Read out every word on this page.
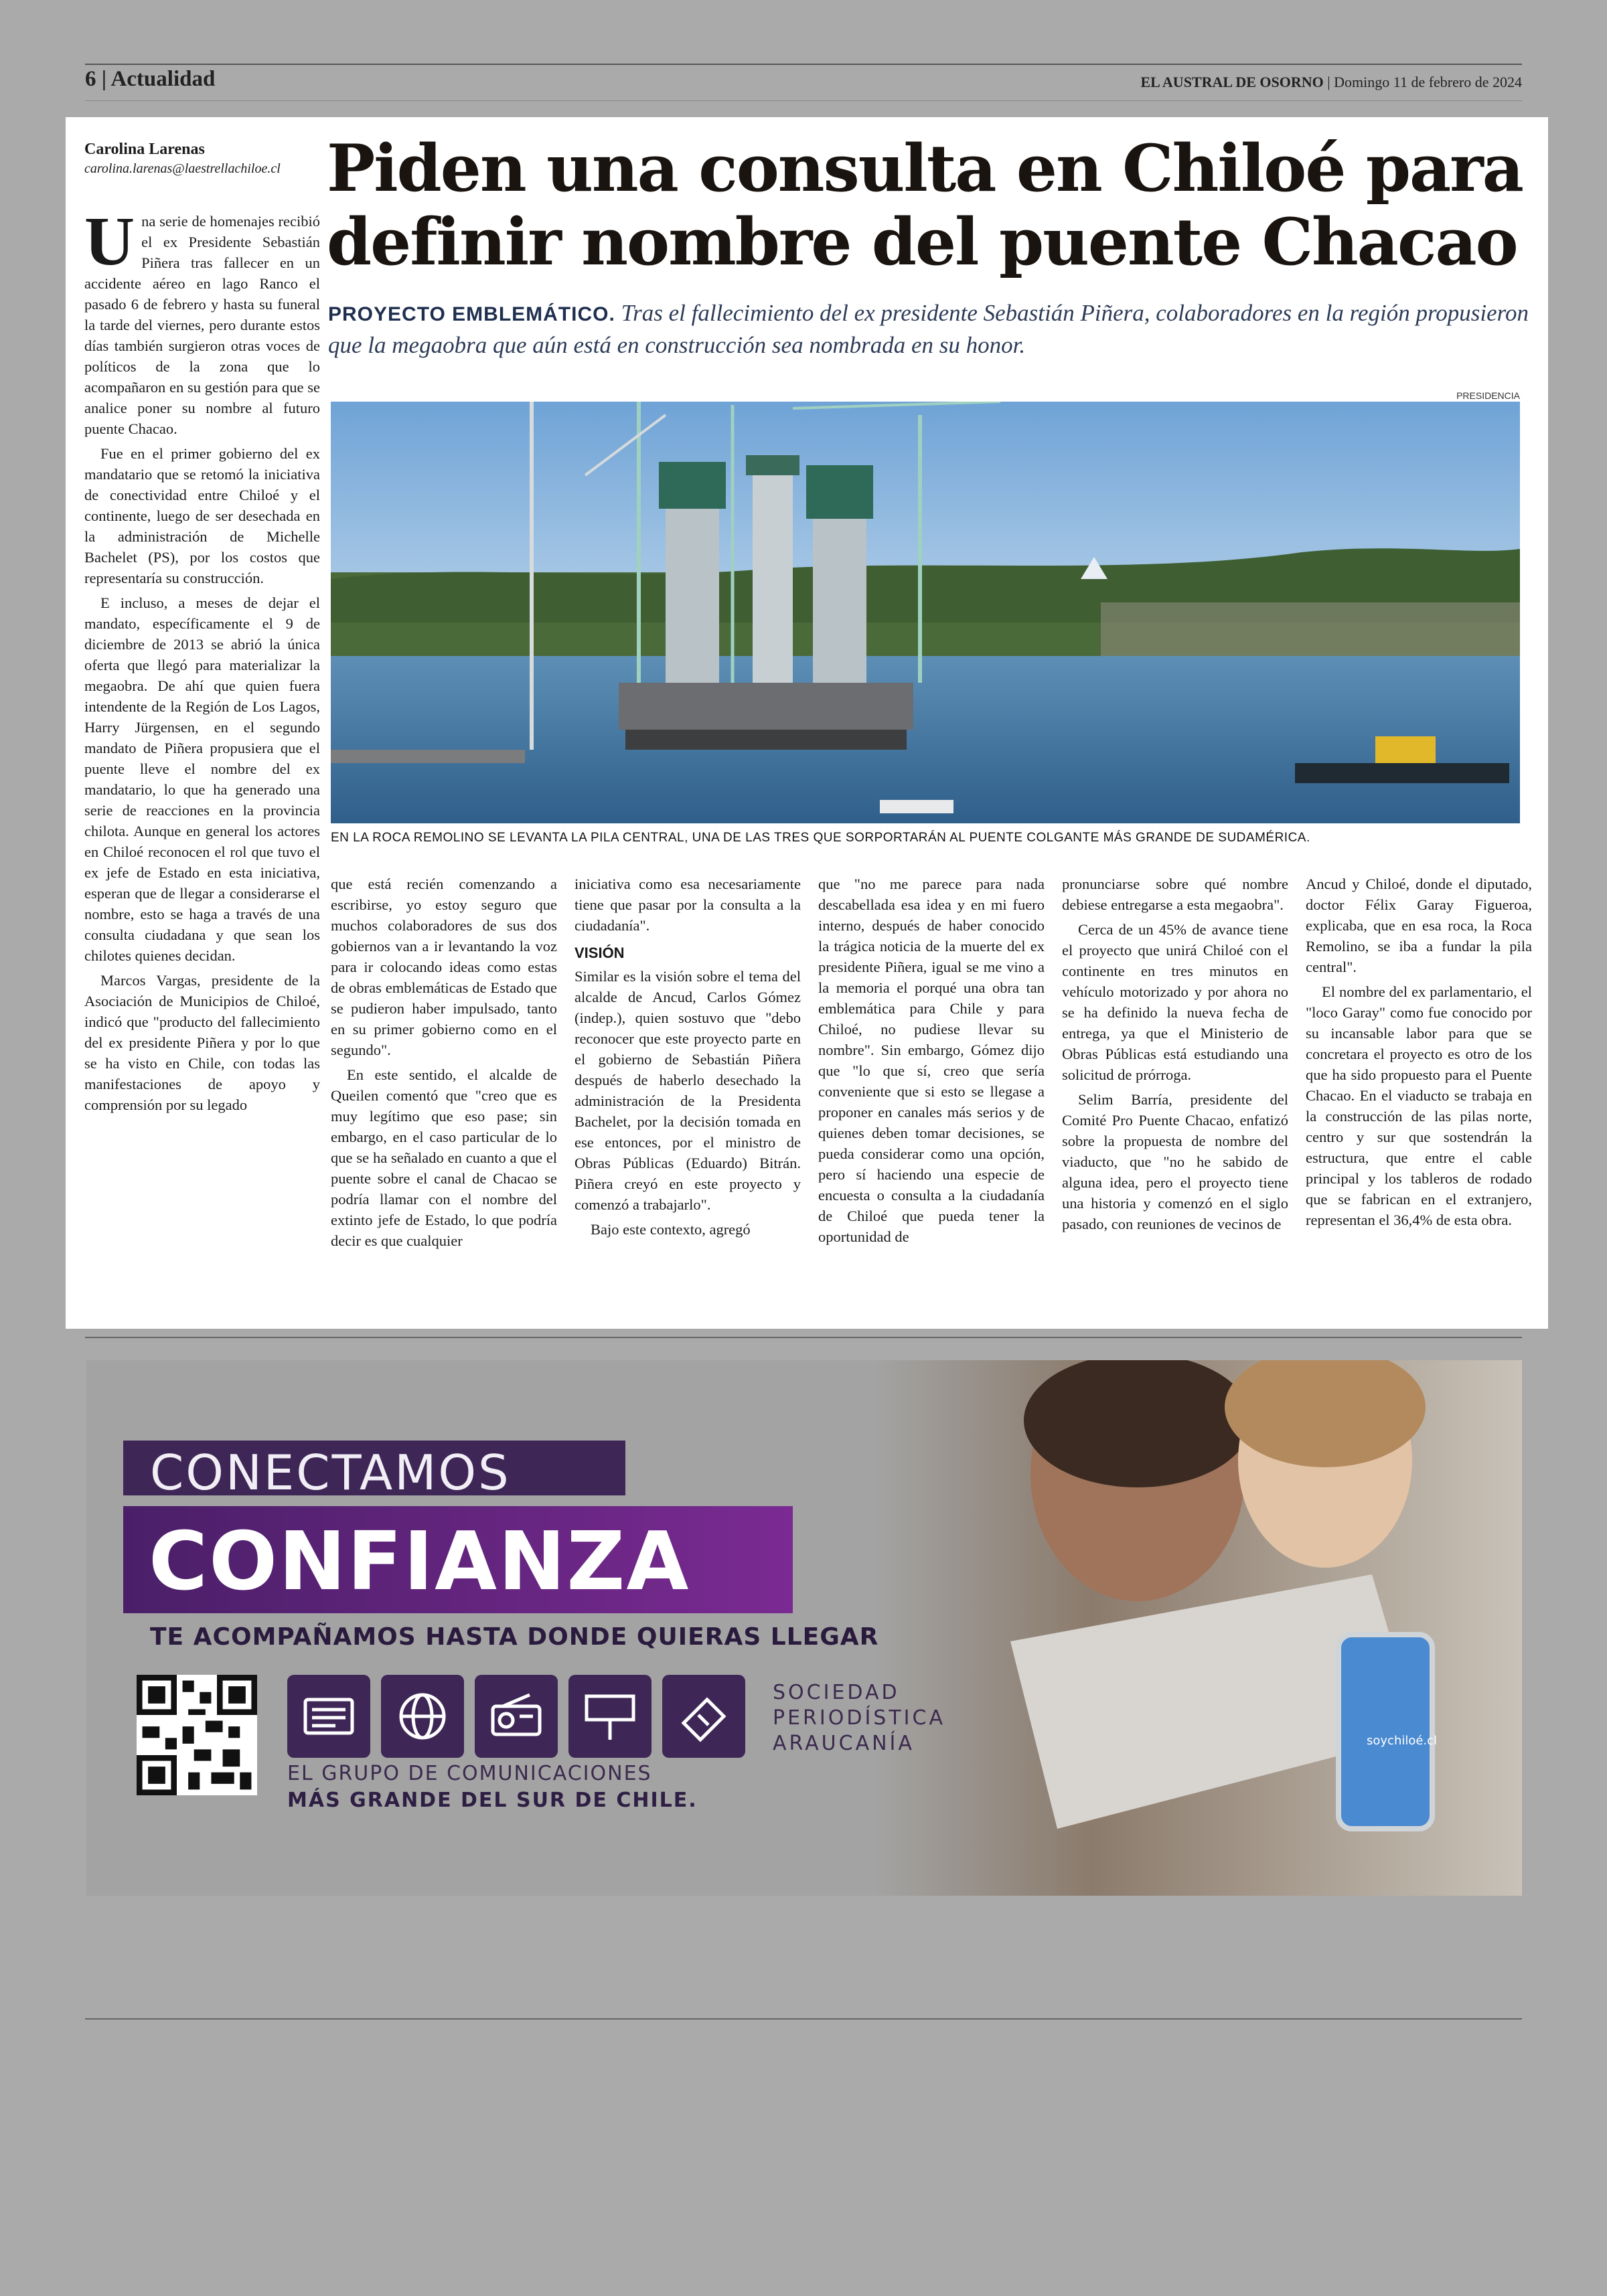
6 | Actualidad	EL AUSTRAL DE OSORNO | Domingo 11 de febrero de 2024
Carolina Larenas
carolina.larenas@laestrellachiloe.cl Piden una consulta en Chiloé para definir nombre del puente Chacao
PROYECTO EMBLEMÁTICO. Tras el fallecimiento del ex presidente Sebastián Piñera, colaboradores en la región propusieron que la megaobra que aún está en construcción sea nombrada en su honor.
PRESIDENCIA
EN LA ROCA REMOLINO SE LEVANTA LA PILA CENTRAL, UNA DE LAS TRES QUE SORPORTARÁN AL PUENTE COLGANTE MÁS GRANDE DE SUDAMÉRICA.

Una serie de homenajes recibió el ex Presidente Sebastián Piñera tras fallecer en un accidente aéreo en lago Ranco el pasado 6 de febrero y hasta su funeral la tarde del viernes, pero durante estos días también surgieron otras voces de políticos de la zona que lo acompañaron en su gestión para que se analice poner su nombre al futuro puente Chacao.

Fue en el primer gobierno del ex mandatario que se retomó la iniciativa de conectividad entre Chiloé y el continente, luego de ser desechada en la administración de Michelle Bachelet (PS), por los costos que representaría su construcción.

E incluso, a meses de dejar el mandato, específicamente el 9 de diciembre de 2013 se abrió la única oferta que llegó para materializar la megaobra. De ahí que quien fuera intendente de la Región de Los Lagos, Harry Jürgensen, en el segundo mandato de Piñera propusiera que el puente lleve el nombre del ex mandatario, lo que ha generado una serie de reacciones en la provincia chilota. Aunque en general los actores en Chiloé reconocen el rol que tuvo el ex jefe de Estado en esta iniciativa, esperan que de llegar a considerarse el nombre, esto se haga a través de una consulta ciudadana y que sean los chilotes quienes decidan.

Marcos Vargas, presidente de la Asociación de Municipios de Chiloé, indicó que "producto del fallecimiento del ex presidente Piñera y por lo que se ha visto en Chile, con todas las manifestaciones de apoyo y comprensión por su legado

que está recién comenzando a escribirse, yo estoy seguro que muchos colaboradores de sus dos gobiernos van a ir levantando la voz para ir colocando ideas como estas de obras emblemáticas de Estado que se pudieron haber impulsado, tanto en su primer gobierno como en el segundo".

En este sentido, el alcalde de Queilen comentó que "creo que es muy legítimo que eso pase; sin embargo, en el caso particular de lo que se ha señalado en cuanto a que el puente sobre el canal de Chacao se podría llamar con el nombre del extinto jefe de Estado, lo que podría decir es que cualquier

iniciativa como esa necesariamente tiene que pasar por la consulta a la ciudadanía".

VISIÓN

Similar es la visión sobre el tema del alcalde de Ancud, Carlos Gómez (indep.), quien sostuvo que "debo reconocer que este proyecto parte en el gobierno de Sebastián Piñera después de haberlo desechado la administración de la Presidenta Bachelet, por la decisión tomada en ese entonces, por el ministro de Obras Públicas (Eduardo) Bitrán. Piñera creyó en este proyecto y comenzó a trabajarlo".

Bajo este contexto, agregó

que "no me parece para nada descabellada esa idea y en mi fuero interno, después de haber conocido la trágica noticia de la muerte del ex presidente Piñera, igual se me vino a la memoria el porqué una obra tan emblemática para Chile y para Chiloé, no pudiese llevar su nombre". Sin embargo, Gómez dijo que "lo que sí, creo que sería conveniente que si esto se llegase a proponer en canales más serios y de quienes deben tomar decisiones, se pueda considerar como una opción, pero sí haciendo una especie de encuesta o consulta a la ciudadanía de Chiloé que pueda tener la oportunidad de

pronunciarse sobre qué nombre debiese entregarse a esta megaobra".

Cerca de un 45% de avance tiene el proyecto que unirá Chiloé con el continente en tres minutos en vehículo motorizado y por ahora no se ha definido la nueva fecha de entrega, ya que el Ministerio de Obras Públicas está estudiando una solicitud de prórroga.

Selim Barría, presidente del Comité Pro Puente Chacao, enfatizó sobre la propuesta de nombre del viaducto, que "no he sabido de alguna idea, pero el proyecto tiene una historia y comenzó en el siglo pasado, con reuniones de vecinos de

Ancud y Chiloé, donde el diputado, doctor Félix Garay Figueroa, explicaba, que en esa roca, la Roca Remolino, se iba a fundar la pila central".

El nombre del ex parlamentario, el "loco Garay" como fue conocido por su incansable labor para que se concretara el proyecto es otro de los que ha sido propuesto para el Puente Chacao. En el viaducto se trabaja en la construcción de las pilas norte, centro y sur que sostendrán la estructura, que entre el cable principal y los tableros de rodado que se fabrican en el extranjero, representan el 36,4% de esta obra.

CONECTAMOS
CONFIANZA
TE ACOMPAÑAMOS HASTA DONDE QUIERAS LLEGAR
EL GRUPO DE COMUNICACIONES
MÁS GRANDE DEL SUR DE CHILE.
SOCIEDAD
PERIODÍSTICA
ARAUCANÍA	soychiloé.cl
